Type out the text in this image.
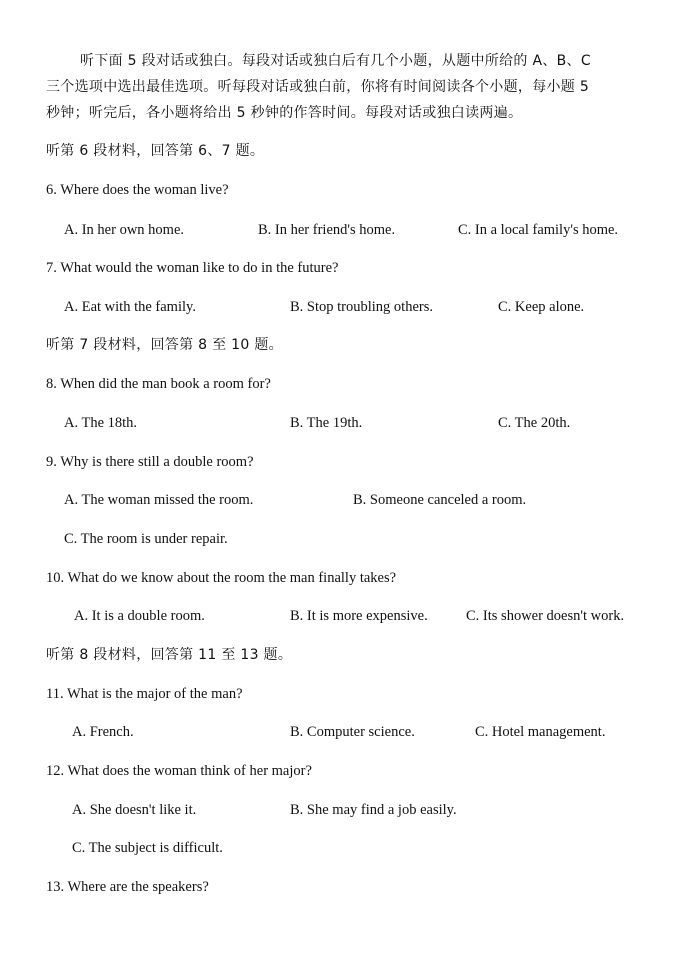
听下面 5 段对话或独白。每段对话或独白后有几个小题，从题中所给的 A、B、C
三个选项中选出最佳选项。听每段对话或独白前，你将有时间阅读各个小题，每小题 5
秒钟；听完后，各小题将给出 5 秒钟的作答时间。每段对话或独白读两遍。
听第 6 段材料，回答第 6、7 题。
6. Where does the woman live?
A. In her own home.	B. In her friend's home.	C. In a local family's home.
7. What would the woman like to do in the future?
A. Eat with the family.	B. Stop troubling others.	C. Keep alone.
听第 7 段材料，回答第 8 至 10 题。
8. When did the man book a room for?
A. The 18th.	B. The 19th.	C. The 20th.
9. Why is there still a double room?
A. The woman missed the room.	B. Someone canceled a room.
C. The room is under repair.
10. What do we know about the room the man finally takes?
A. It is a double room.	B. It is more expensive.	C. Its shower doesn't work.
听第 8 段材料，回答第 11 至 13 题。
11. What is the major of the man?
A. French.	B. Computer science.	C. Hotel management.
12. What does the woman think of her major?
A. She doesn't like it.	B. She may find a job easily.
C. The subject is difficult.
13. Where are the speakers?
